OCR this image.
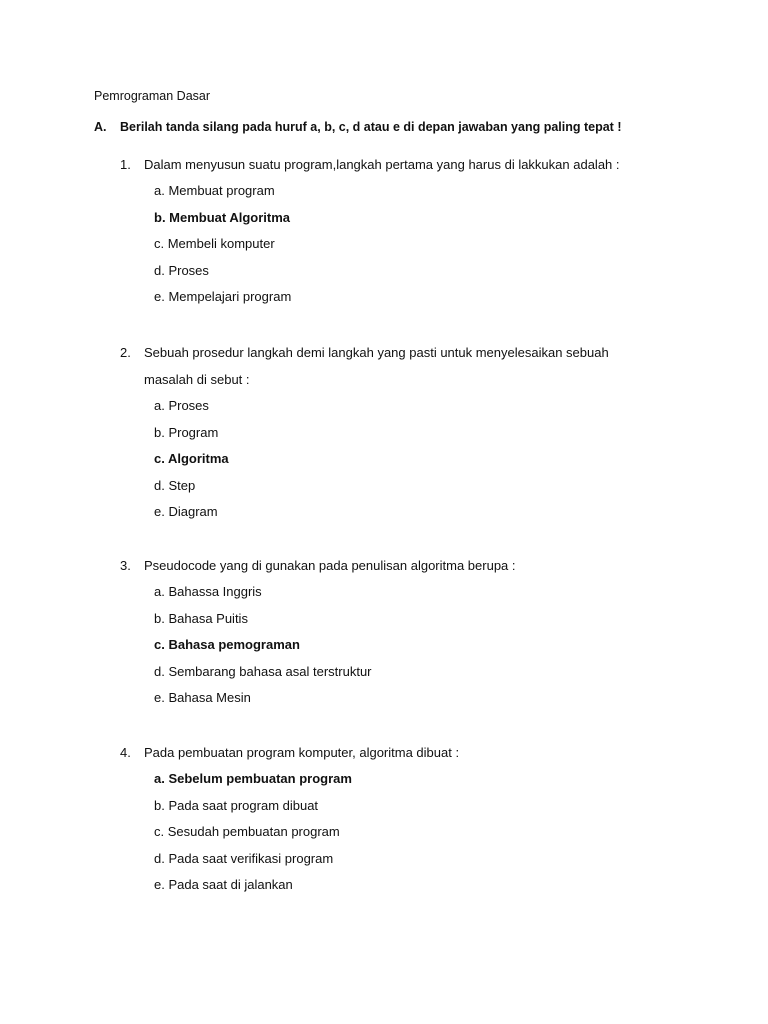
Pemrograman Dasar
A. Berilah tanda silang pada huruf a, b, c, d atau e di depan jawaban yang paling tepat !
1. Dalam menyusun suatu program,langkah pertama yang harus di lakkukan adalah :
a. Membuat program
b. Membuat Algoritma
c. Membeli komputer
d. Proses
e. Mempelajari program
2. Sebuah prosedur langkah demi langkah yang pasti untuk menyelesaikan sebuah
masalah di sebut :
a. Proses
b. Program
c. Algoritma
d. Step
e. Diagram
3. Pseudocode yang di gunakan pada penulisan algoritma berupa :
a. Bahassa Inggris
b. Bahasa Puitis
c. Bahasa pemograman
d. Sembarang bahasa asal terstruktur
e. Bahasa Mesin
4. Pada pembuatan program komputer, algoritma dibuat :
a. Sebelum pembuatan program
b. Pada saat program dibuat
c. Sesudah pembuatan program
d. Pada saat verifikasi program
e. Pada saat di jalankan
